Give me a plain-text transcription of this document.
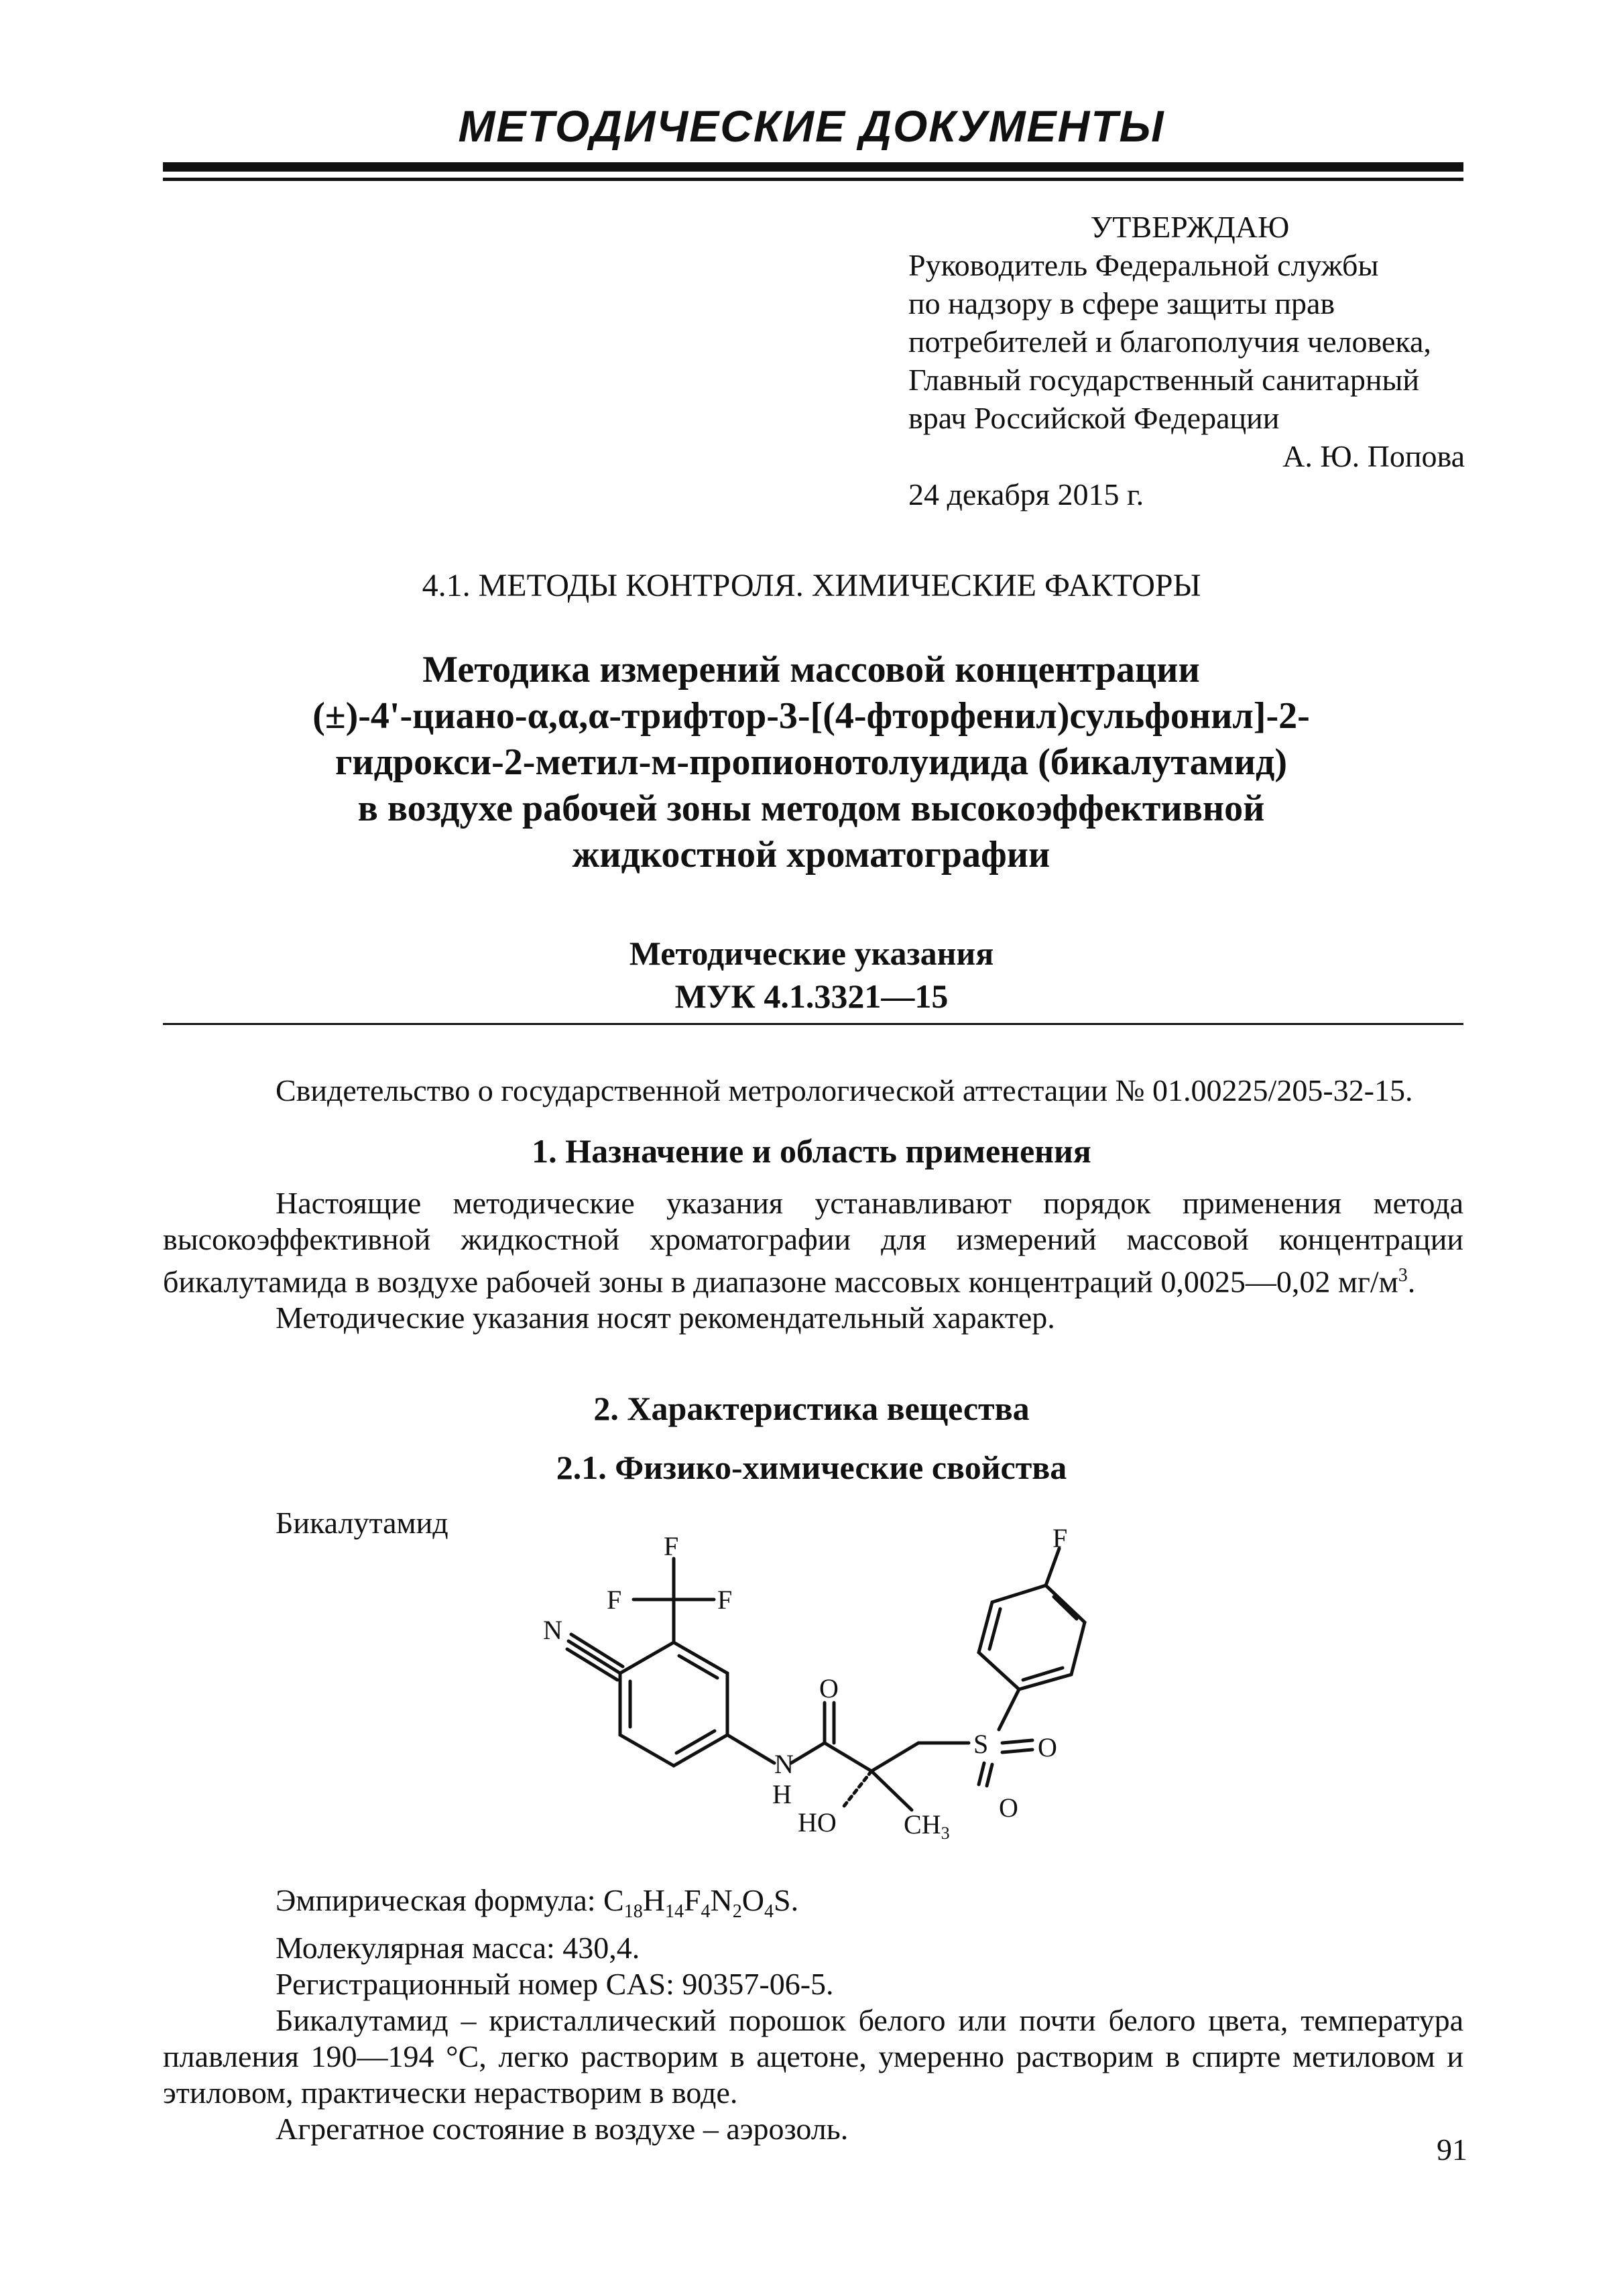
МЕТОДИЧЕСКИЕ ДОКУМЕНТЫ
УТВЕРЖДАЮ
Руководитель Федеральной службы
по надзору в сфере защиты прав
потребителей и благополучия человека,
Главный государственный санитарный
врач Российской Федерации
А. Ю. Попова
24 декабря 2015 г.
4.1. МЕТОДЫ КОНТРОЛЯ. ХИМИЧЕСКИЕ ФАКТОРЫ
Методика измерений массовой концентрации
(±)-4'-циано-α,α,α-трифтор-3-[(4-фторфенил)сульфонил]-2-
гидрокси-2-метил-м-пропионотолуидида (бикалутамид)
в воздухе рабочей зоны методом высокоэффективной
жидкостной хроматографии
Методические указания
МУК 4.1.3321—15
Свидетельство о государственной метрологической аттестации № 01.00225/205-32-15.
1. Назначение и область применения
Настоящие методические указания устанавливают порядок применения метода высокоэффективной жидкостной хроматографии для измерений массовой концентрации бикалутамида в воздухе рабочей зоны в диапазоне массовых концентраций 0,0025—0,02 $мг/м^3$.
Методические указания носят рекомендательный характер.
2. Характеристика вещества
2.1. Физико-химические свойства
Бикалутамид
F
F	F
N
F
O
N
H
HO	$CH_3$
S O
O
Эмпирическая формула: $C_{18}H_{14}F_4N_2O_4S$.
Молекулярная масса: 430,4.
Регистрационный номер CAS: 90357-06-5.
Бикалутамид – кристаллический порошок белого или почти белого цвета, температура плавления 190—194 °С, легко растворим в ацетоне, умеренно растворим в спирте метиловом и этиловом, практически нерастворим в воде.
Агрегатное состояние в воздухе – аэрозоль.
91
